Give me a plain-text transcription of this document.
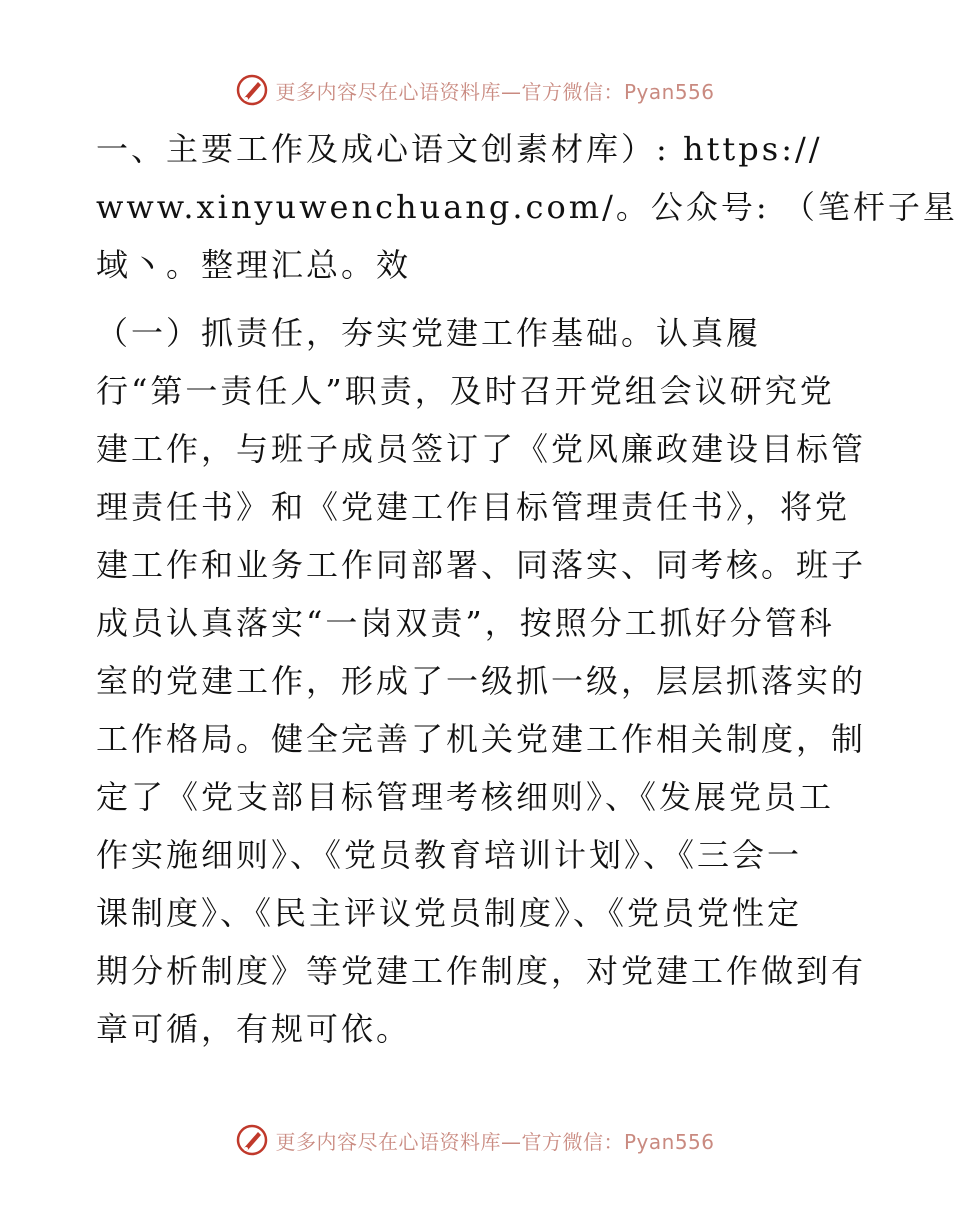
更多内容尽在心语资料库—官方微信：Pyan556
一、主要工作及成心语文创素材库）: https://
www.xinyuwenchuang.com/。公众号: （笔杆子星
域丶。整理汇总。效
（一）抓责任，夯实党建工作基础。认真履
行“第一责任人”职责，及时召开党组会议研究党
建工作，与班子成员签订了《党风廉政建设目标管
理责任书》和《党建工作目标管理责任书》，将党
建工作和业务工作同部署、同落实、同考核。班子
成员认真落实“一岗双责”，按照分工抓好分管科
室的党建工作，形成了一级抓一级，层层抓落实的
工作格局。健全完善了机关党建工作相关制度，制
定了《党支部目标管理考核细则》、《发展党员工
作实施细则》、《党员教育培训计划》、《三会一
课制度》、《民主评议党员制度》、《党员党性定
期分析制度》等党建工作制度，对党建工作做到有
章可循，有规可依。
更多内容尽在心语资料库—官方微信：Pyan556
